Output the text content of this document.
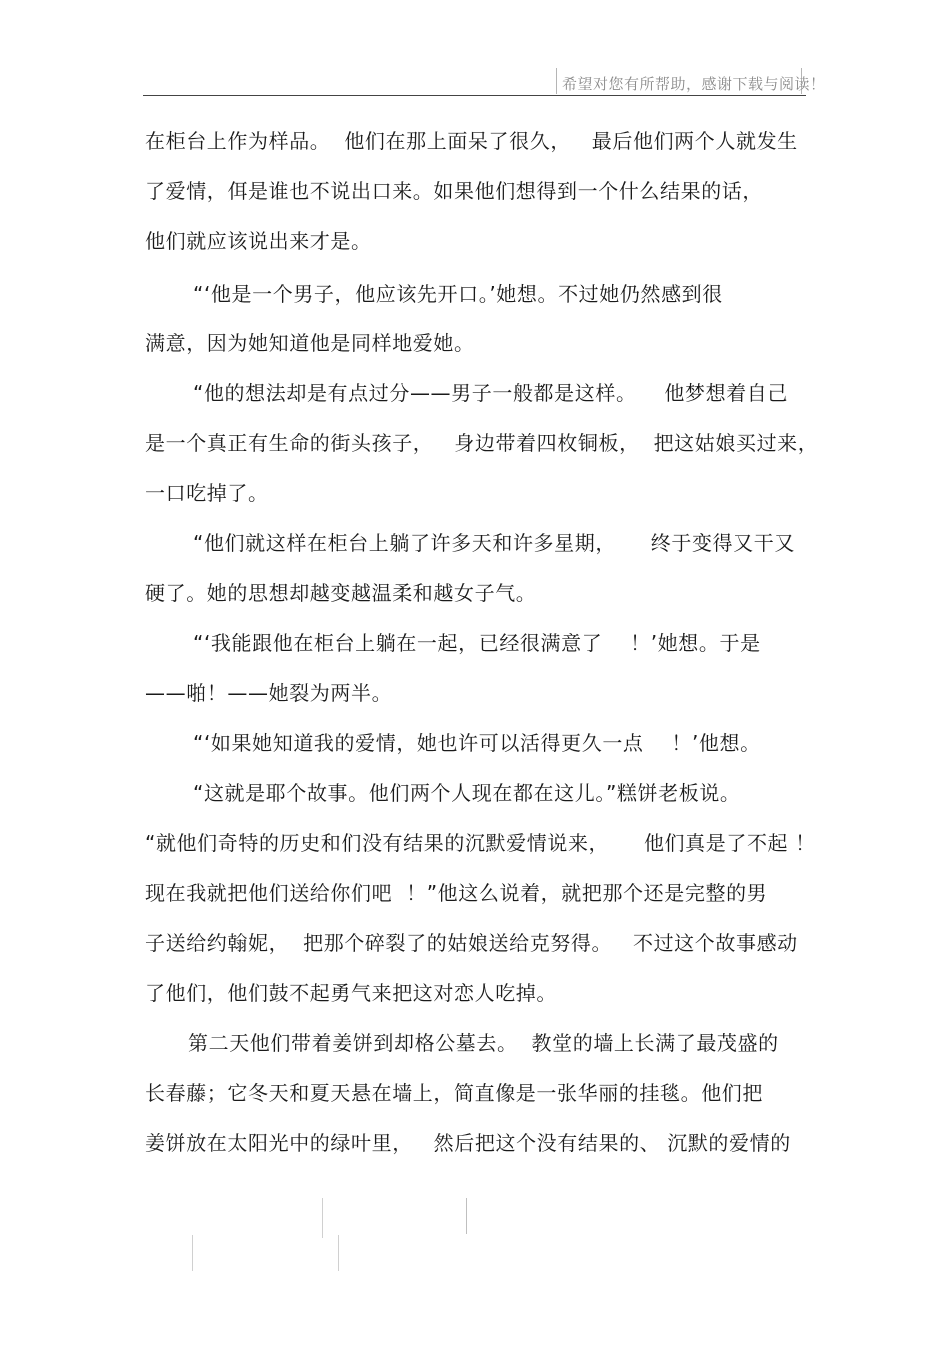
希望对您有所帮助，感谢下载与阅读！
在柜台上作为样品。  他们在那上面呆了很久，   最后他们两个人就发生
了爱情，佴是谁也不说出口来。如果他们想得到一个什么结果的话，
他们就应该说出来才是。
“‘他是一个男子，他应该先开口。’她想。不过她仍然感到很
满意，因为她知道他是同样地爱她。
“他的想法却是有点过分——男子一般都是这样。    他梦想着自己
是一个真正有生命的街头孩子，   身边带着四枚铜板，  把这姑娘买过来，
一口吃掉了。
“他们就这样在柜台上躺了许多天和许多星期，     终于变得又干又
硬了。她的思想却越变越温柔和越女子气。
“‘我能跟他在柜台上躺在一起，已经很满意了    ！’她想。于是
——啪！——她裂为两半。
“‘如果她知道我的爱情，她也许可以活得更久一点    ！’他想。
“这就是耶个故事。他们两个人现在都在这儿。”糕饼老板说。
“就他们奇特的历史和们没有结果的沉默爱情说来，     他们真是了不起 ！
现在我就把他们送给你们吧  ！”他这么说着，就把那个还是完整的男
子送给约翰妮，  把那个碎裂了的姑娘送给克努得。   不过这个故事感动
了他们，他们鼓不起勇气来把这对恋人吃掉。
第二天他们带着姜饼到却格公墓去。  教堂的墙上长满了最茂盛的
长春藤；它冬天和夏天悬在墙上，简直像是一张华丽的挂毯。他们把
姜饼放在太阳光中的绿叶里，   然后把这个没有结果的、 沉默的爱情的
